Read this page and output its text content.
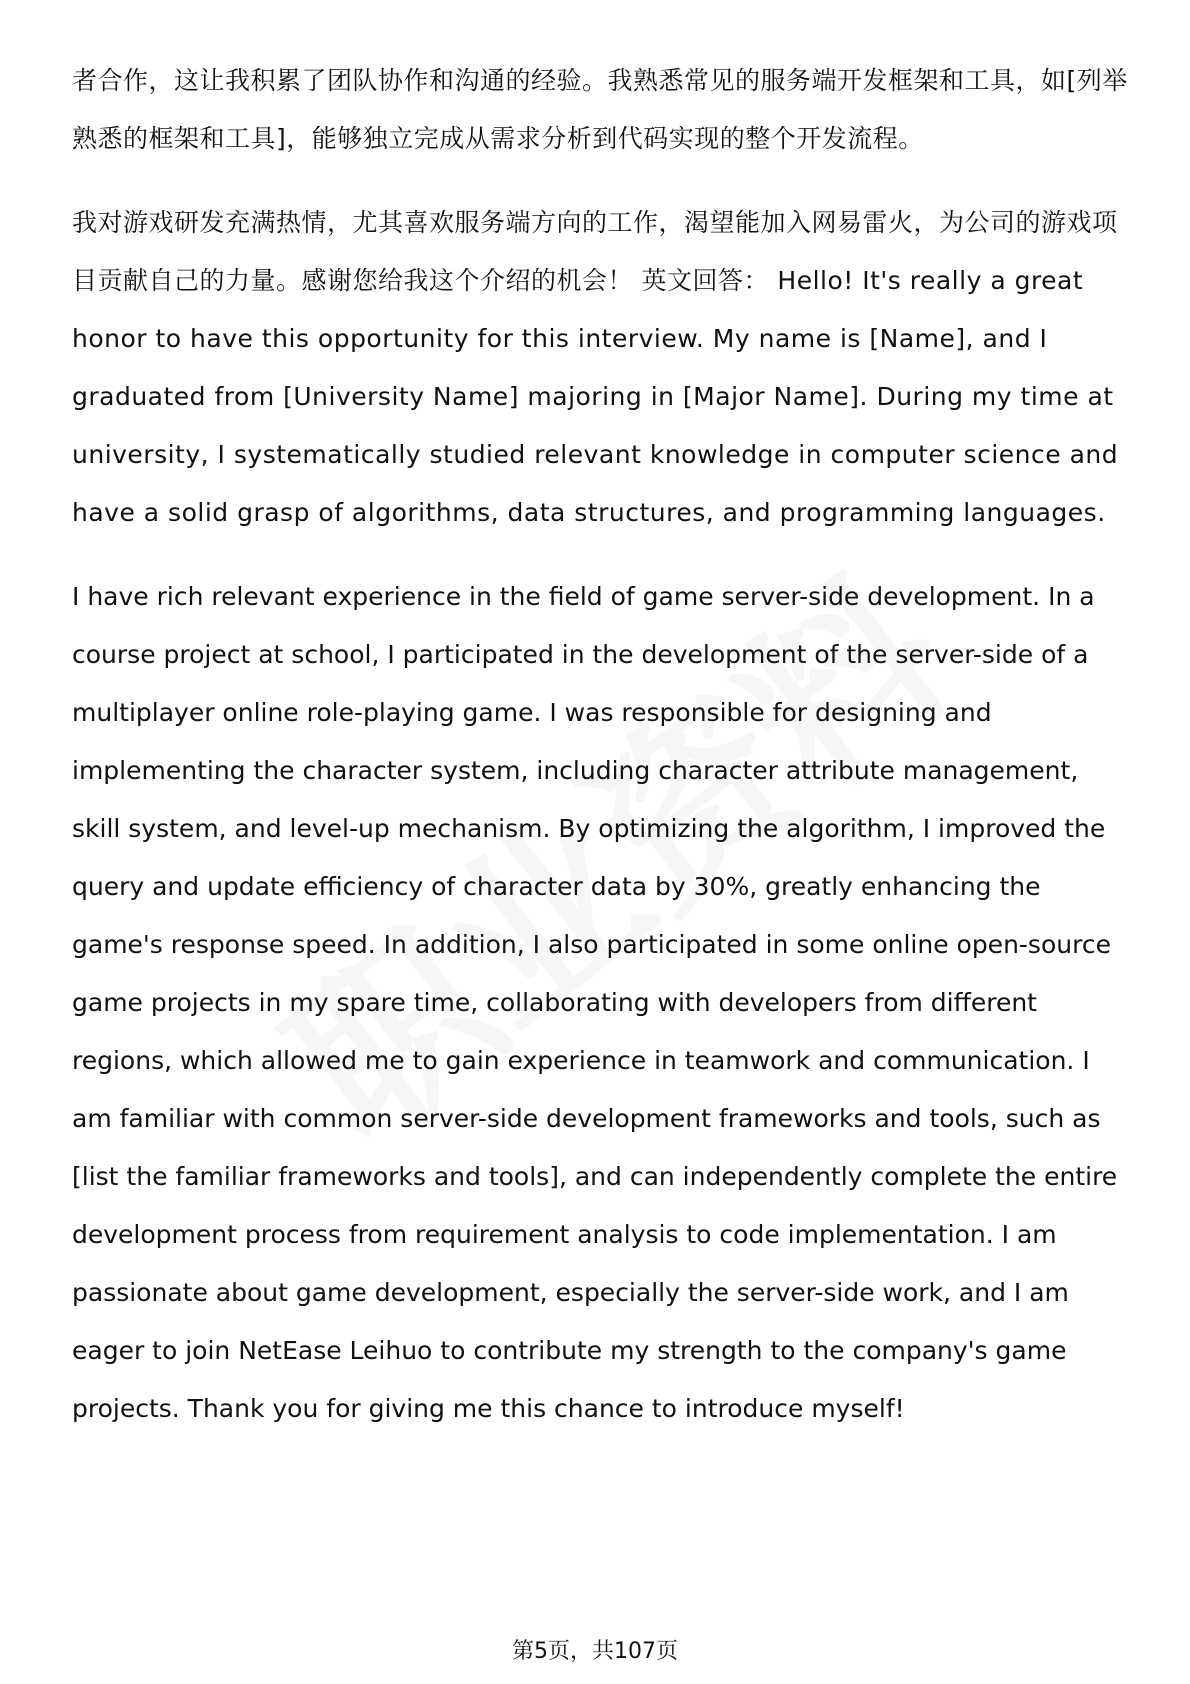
者合作，这让我积累了团队协作和沟通的经验。我熟悉常见的服务端开发框架和工具，如[列举熟悉的框架和工具]，能够独立完成从需求分析到代码实现的整个开发流程。

我对游戏研发充满热情，尤其喜欢服务端方向的工作，渴望能加入网易雷火，为公司的游戏项目贡献自己的力量。感谢您给我这个介绍的机会！ 英文回答： Hello! It's really a great honor to have this opportunity for this interview. My name is [Name], and I graduated from [University Name] majoring in [Major Name]. During my time at university, I systematically studied relevant knowledge in computer science and have a solid grasp of algorithms, data structures, and programming languages.

I have rich relevant experience in the field of game server-side development. In a course project at school, I participated in the development of the server-side of a multiplayer online role-playing game. I was responsible for designing and implementing the character system, including character attribute management, skill system, and level-up mechanism. By optimizing the algorithm, I improved the query and update efficiency of character data by 30%, greatly enhancing the game's response speed. In addition, I also participated in some online open-source game projects in my spare time, collaborating with developers from different regions, which allowed me to gain experience in teamwork and communication. I am familiar with common server-side development frameworks and tools, such as [list the familiar frameworks and tools], and can independently complete the entire development process from requirement analysis to code implementation. I am passionate about game development, especially the server-side work, and I am eager to join NetEase Leihuo to contribute my strength to the company's game projects. Thank you for giving me this chance to introduce myself!

第5页，共107页
